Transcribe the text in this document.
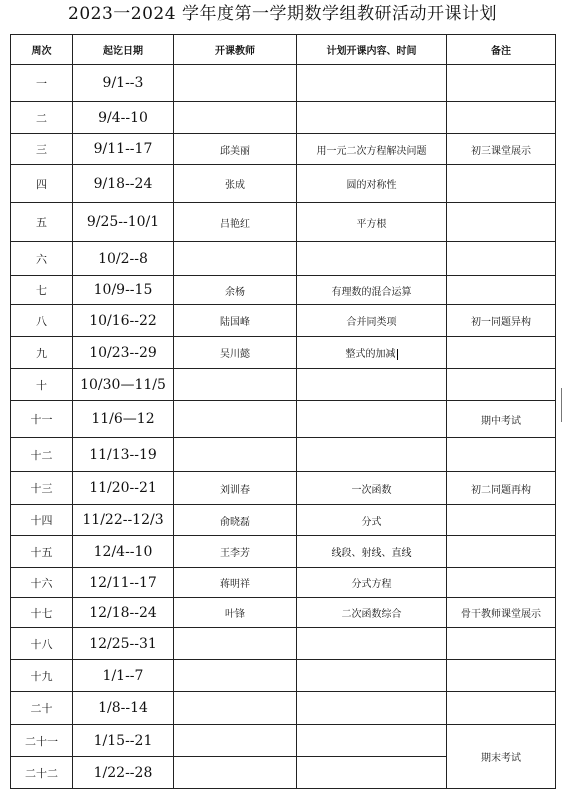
2023一2024 学年度第一学期数学组教研活动开课计划
周次	起讫日期	开课教师	计划开课内容、时间	备注
一	9/1--3			
二	9/4--10			
三	9/11--17	邱美丽	用一元二次方程解决问题	初三课堂展示
四	9/18--24	张成	圆的对称性	
五	9/25--10/1	吕艳红	平方根	
六	10/2--8			
七	10/9--15	余杨	有理数的混合运算	
八	10/16--22	陆国峰	合并同类项	初一同题异构
九	10/23--29	吴川懿	整式的加减	
十	10/30—11/5			
十一	11/6—12			期中考试
十二	11/13--19			
十三	11/20--21	刘训春	一次函数	初二同题再构
十四	11/22--12/3	俞晓磊	分式	
十五	12/4--10	王李芳	线段、射线、直线	
十六	12/11--17	蒋明祥	分式方程	
十七	12/18--24	叶锋	二次函数综合	骨干教师课堂展示
十八	12/25--31			
十九	1/1--7			
二十	1/8--14			
二十一	1/15--21			期末考试
二十二	1/22--28			
